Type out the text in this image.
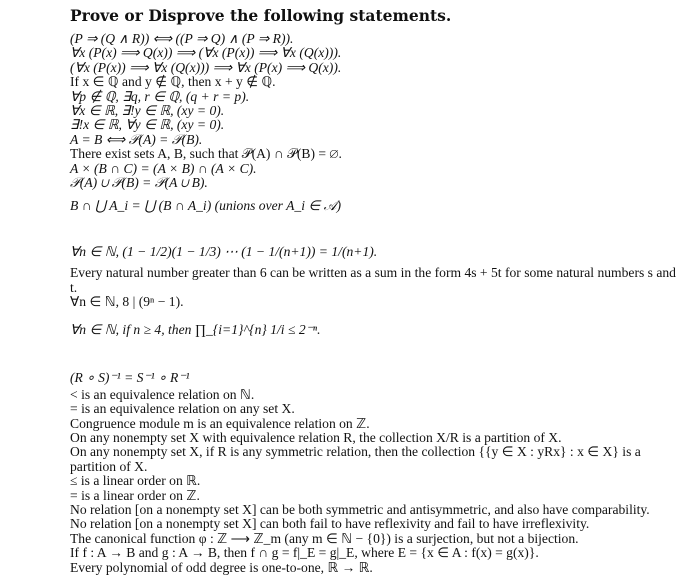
Prove or Disprove the following statements.
(P ⇒ (Q ∧ R)) ⟺ ((P ⇒ Q) ∧ (P ⇒ R)).
∀x (P(x) ⟹ Q(x)) ⟹ (∀x (P(x)) ⟹ ∀x (Q(x))).
(∀x (P(x)) ⟹ ∀x (Q(x))) ⟹ ∀x (P(x) ⟹ Q(x)).
If x ∈ ℚ and y ∉ ℚ, then x + y ∉ ℚ.
∀p ∉ ℚ, ∃q, r ∈ ℚ, (q + r = p).
∀x ∈ ℝ, ∃!y ∈ ℝ, (xy = 0).
∃!x ∈ ℝ, ∀y ∈ ℝ, (xy = 0).
A = B ⟺ 𝒫(A) = 𝒫(B).
There exist sets A, B, such that 𝒫(A) ∩ 𝒫(B) = ∅.
A × (B ∩ C) = (A × B) ∩ (A × C).
𝒫(A) ∪ 𝒫(B) = 𝒫(A ∪ B).
B ∩ ⋃ A_i = ⋃ (B ∩ A_i) (unions over A_i ∈ 𝒜)
∀n ∈ ℕ, (1 − 1/2)(1 − 1/3) ⋯ (1 − 1/(n+1)) = 1/(n+1).
Every natural number greater than 6 can be written as a sum in the form 4s + 5t for some natural numbers s and t.
∀n ∈ ℕ, 8 | (9ⁿ − 1).
∀n ∈ ℕ, if n ≥ 4, then ∏_{i=1}^{n} 1/i ≤ 2⁻ⁿ.
(R ∘ S)⁻¹ = S⁻¹ ∘ R⁻¹
< is an equivalence relation on ℕ.
= is an equivalence relation on any set X.
Congruence module m is an equivalence relation on ℤ.
On any nonempty set X with equivalence relation R, the collection X/R is a partition of X.
On any nonempty set X, if R is any symmetric relation, then the collection {{y ∈ X : yRx} : x ∈ X} is a partition of X.
≤ is a linear order on ℝ.
= is a linear order on ℤ.
No relation [on a nonempty set X] can be both symmetric and antisymmetric, and also have comparability.
No relation [on a nonempty set X] can both fail to have reflexivity and fail to have irreflexivity.
The canonical function φ : ℤ ⟶ ℤ_m (any m ∈ ℕ − {0}) is a surjection, but not a bijection.
If f : A → B and g : A → B, then f ∩ g = f|_E = g|_E, where E = {x ∈ A : f(x) = g(x)}.
Every polynomial of odd degree is one-to-one, ℝ → ℝ.
